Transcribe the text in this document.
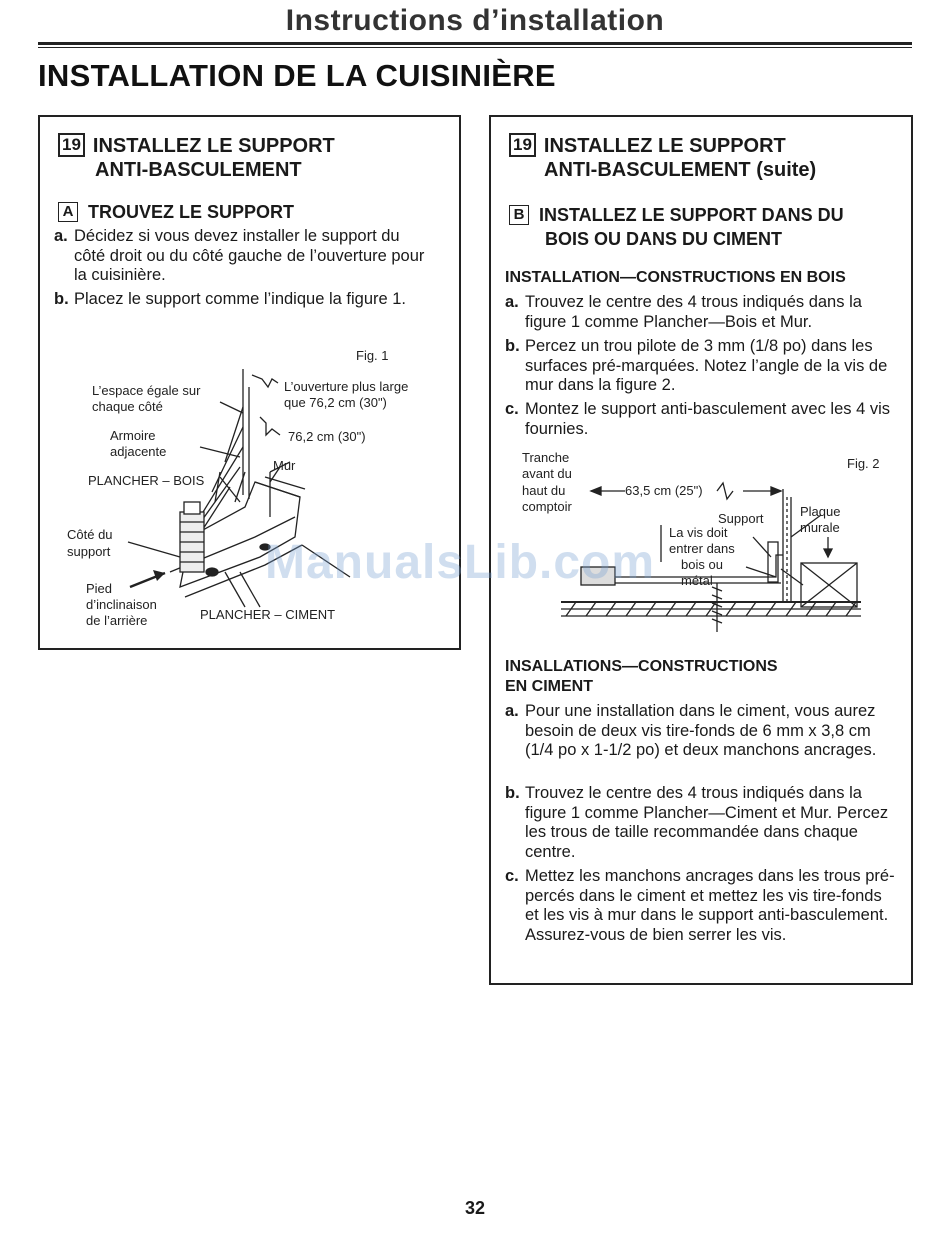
Instructions d’installation
INSTALLATION DE LA CUISINIÈRE
19 INSTALLEZ LE SUPPORT
ANTI-BASCULEMENT
A TROUVEZ LE SUPPORT
a. Décidez si vous devez installer le support du côté droit ou du côté gauche de l’ouverture pour la cuisinière.
b. Placez le support comme l’indique la figure 1.
Fig. 1
L’espace égale sur
chaque côté
L’ouverture plus large
que 76,2 cm (30")
76,2 cm (30")
Armoire
adjacente
Mur
PLANCHER – BOIS
Côté du
support
Pied
d’inclinaison
de l’arrière	PLANCHER – CIMENT
19 INSTALLEZ LE SUPPORT
ANTI-BASCULEMENT (suite)
B INSTALLEZ LE SUPPORT DANS DU
BOIS OU DANS DU CIMENT
INSTALLATION—CONSTRUCTIONS EN BOIS
a. Trouvez le centre des 4 trous indiqués dans la figure 1 comme Plancher—Bois et Mur.
b. Percez un trou pilote de 3 mm (1/8 po) dans les surfaces pré-marquées. Notez l’angle de la vis de mur dans la figure 2.
c. Montez le support anti-basculement avec les 4 vis fournies.
Fig. 2
Tranche
avant du
haut du
comptoir
63,5 cm (25")
Support	Plaque
murale
La vis doit
entrer dans
bois ou
métal
INSALLATIONS—CONSTRUCTIONS
EN CIMENT
a. Pour une installation dans le ciment, vous aurez besoin de deux vis tire-fonds de 6 mm x 3,8 cm (1/4 po x 1-1/2 po) et deux manchons ancrages.
b. Trouvez le centre des 4 trous indiqués dans la figure 1 comme Plancher—Ciment et Mur. Percez les trous de taille recommandée dans chaque centre.
c. Mettez les manchons ancrages dans les trous pré-percés dans le ciment et mettez les vis tire-fonds et les vis à mur dans le support anti-basculement. Assurez-vous de bien serrer les vis.
ManualsLib.com
32
